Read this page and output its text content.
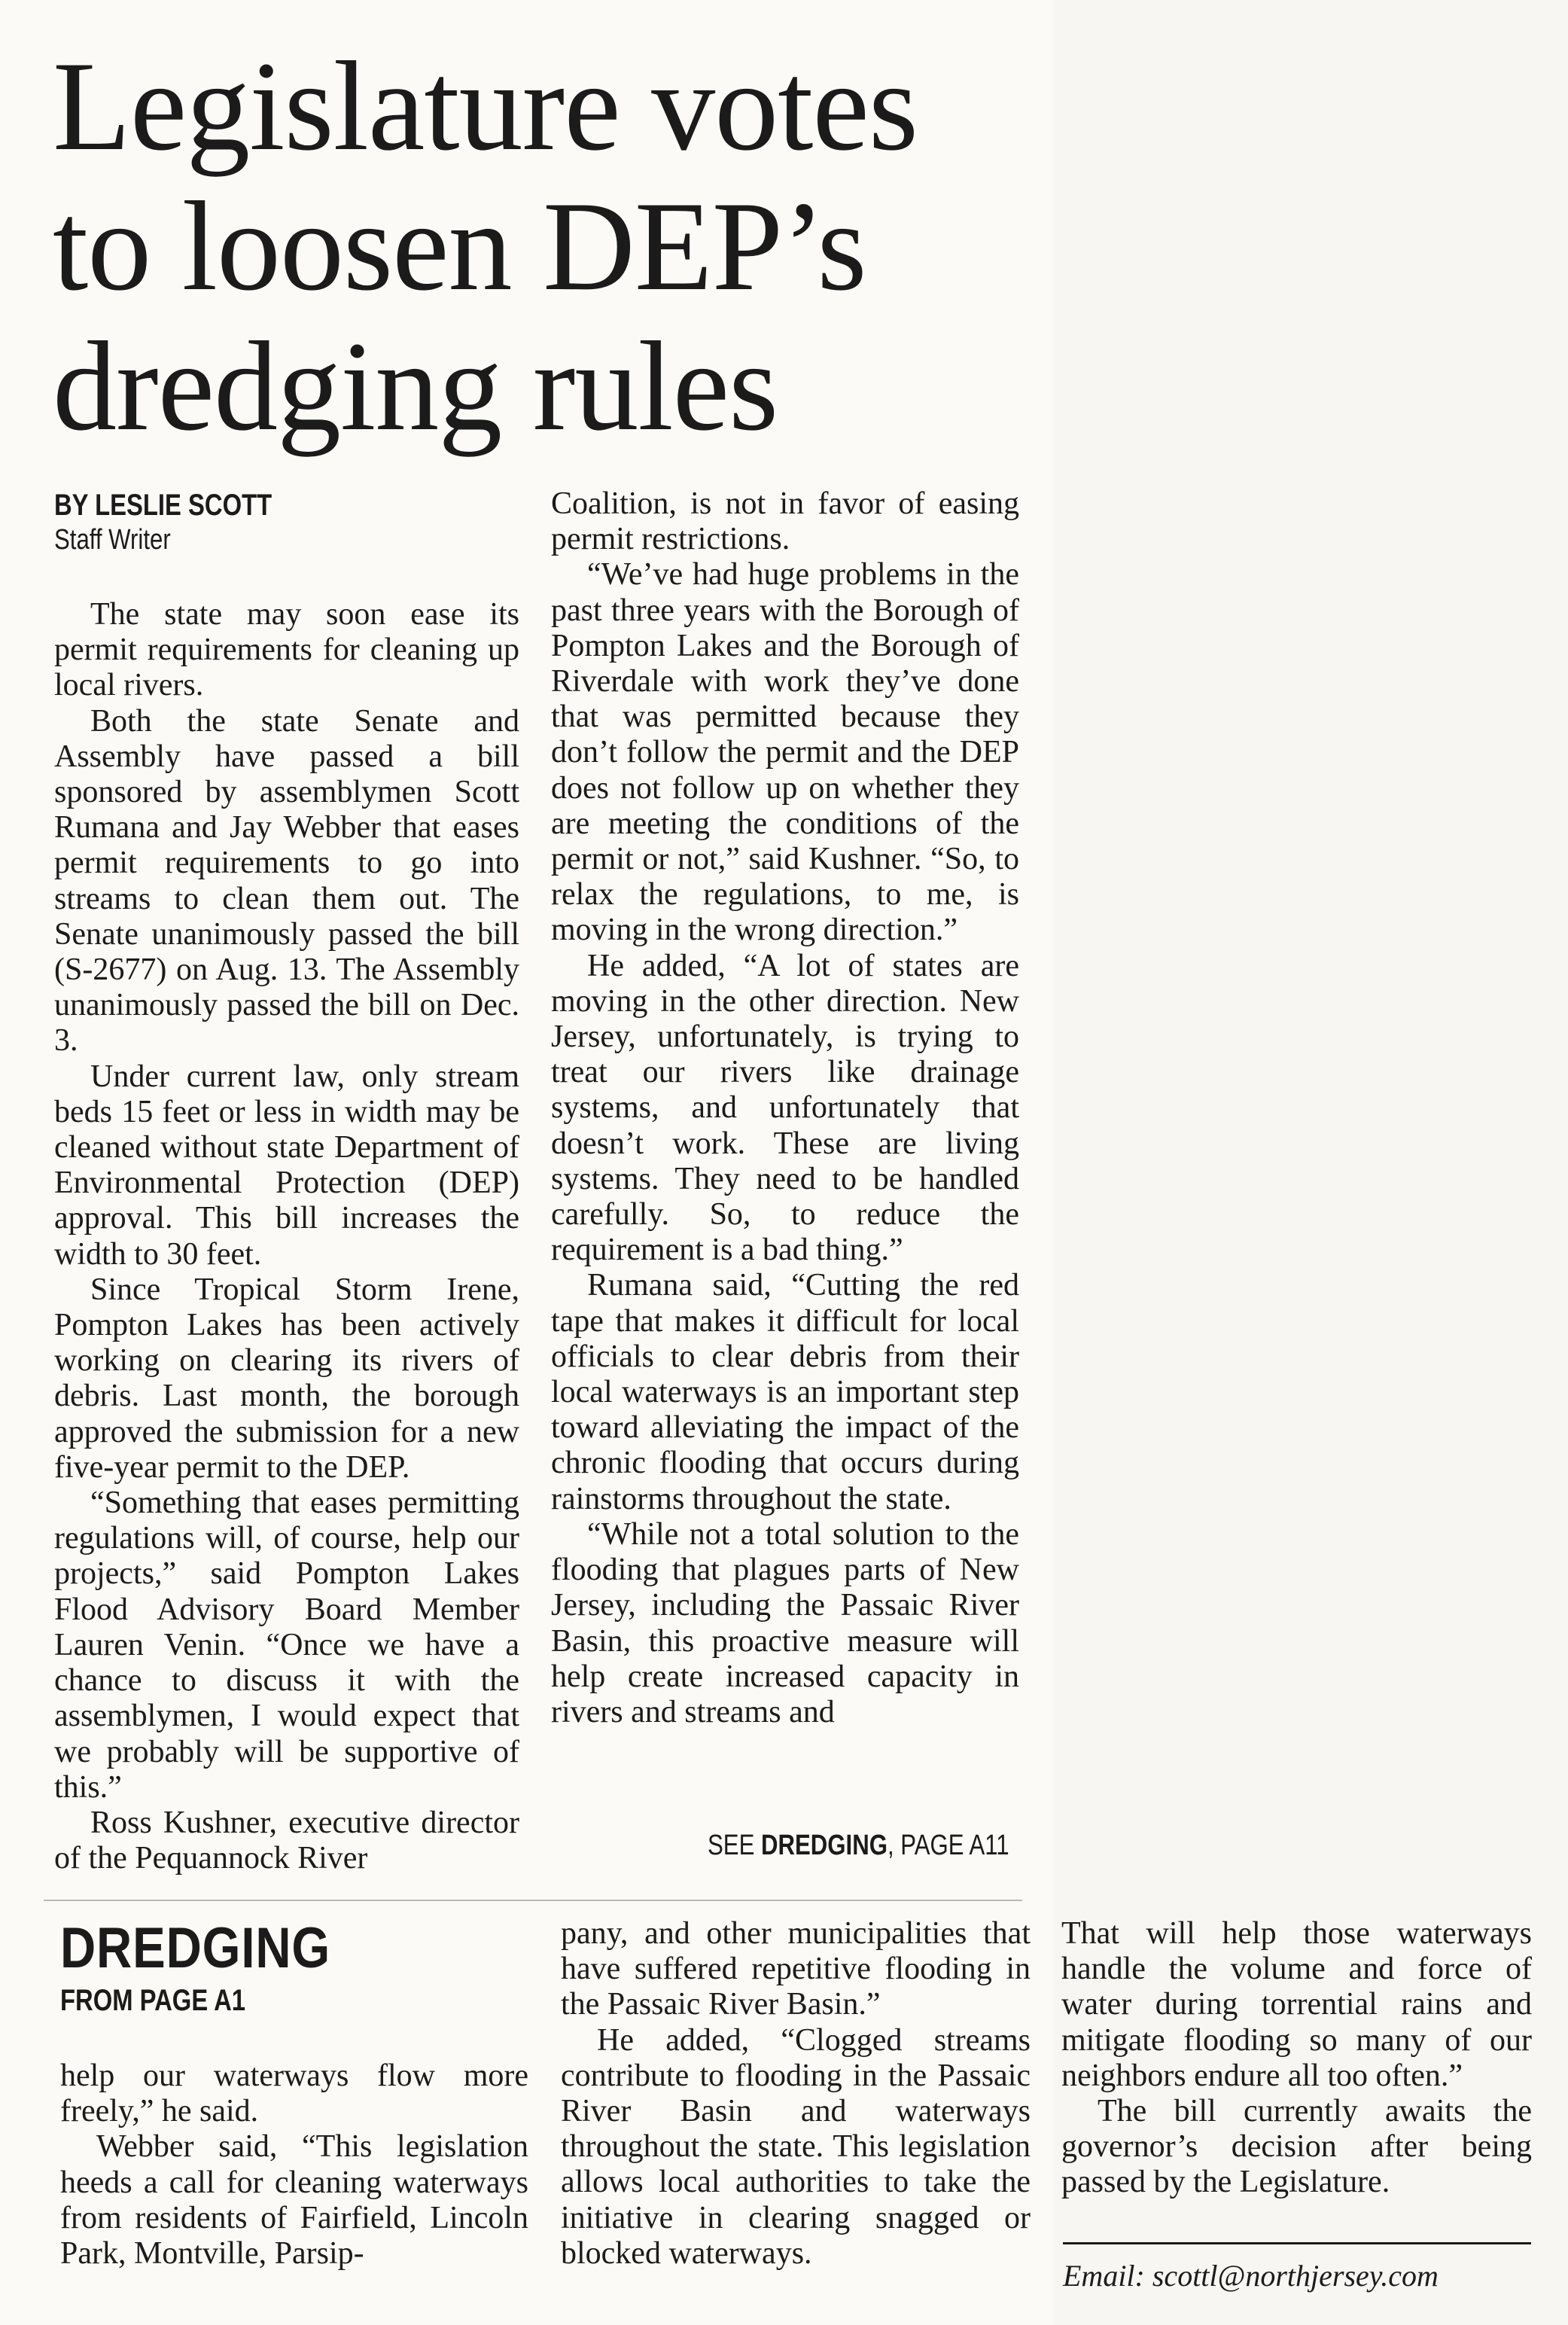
Legislature votes
to loosen DEP’s
dredging rules
BY LESLIE SCOTT
Staff Writer

The state may soon ease its permit requirements for cleaning up local rivers.

Both the state Senate and Assembly have passed a bill sponsored by assemblymen Scott Rumana and Jay Webber that eases permit requirements to go into streams to clean them out. The Senate unanimously passed the bill (S-2677) on Aug. 13. The Assembly unanimously passed the bill on Dec. 3.

Under current law, only stream beds 15 feet or less in width may be cleaned without state Department of Environmental Protection (DEP) approval. This bill increases the width to 30 feet.

Since Tropical Storm Irene, Pompton Lakes has been actively working on clearing its rivers of debris. Last month, the borough approved the submission for a new five-year permit to the DEP.

“Something that eases permitting regulations will, of course, help our projects,” said Pompton Lakes Flood Advisory Board Member Lauren Venin. “Once we have a chance to discuss it with the assemblymen, I would expect that we probably will be supportive of this.”

Ross Kushner, executive director of the Pequannock River

Coalition, is not in favor of easing permit restrictions.

“We’ve had huge problems in the past three years with the Borough of Pompton Lakes and the Borough of Riverdale with work they’ve done that was permitted because they don’t follow the permit and the DEP does not follow up on whether they are meeting the conditions of the permit or not,” said Kushner. “So, to relax the regulations, to me, is moving in the wrong direction.”

He added, “A lot of states are moving in the other direction. New Jersey, unfortunately, is trying to treat our rivers like drainage systems, and unfortunately that doesn’t work. These are living systems. They need to be handled carefully. So, to reduce the requirement is a bad thing.”

Rumana said, “Cutting the red tape that makes it difficult for local officials to clear debris from their local waterways is an important step toward alleviating the impact of the chronic flooding that occurs during rainstorms throughout the state.

“While not a total solution to the flooding that plagues parts of New Jersey, including the Passaic River Basin, this proactive measure will help create increased capacity in rivers and streams and

SEE DREDGING, PAGE A11
DREDGING
FROM PAGE A1

help our waterways flow more freely,” he said.

Webber said, “This legislation heeds a call for cleaning waterways from residents of Fairfield, Lincoln Park, Montville, Parsip-

pany, and other municipalities that have suffered repetitive flooding in the Passaic River Basin.”

He added, “Clogged streams contribute to flooding in the Passaic River Basin and waterways throughout the state. This legislation allows local authorities to take the initiative in clearing snagged or blocked waterways.

That will help those waterways handle the volume and force of water during torrential rains and mitigate flooding so many of our neighbors endure all too often.”

The bill currently awaits the governor’s decision after being passed by the Legislature.

Email: scottl@northjersey.com
